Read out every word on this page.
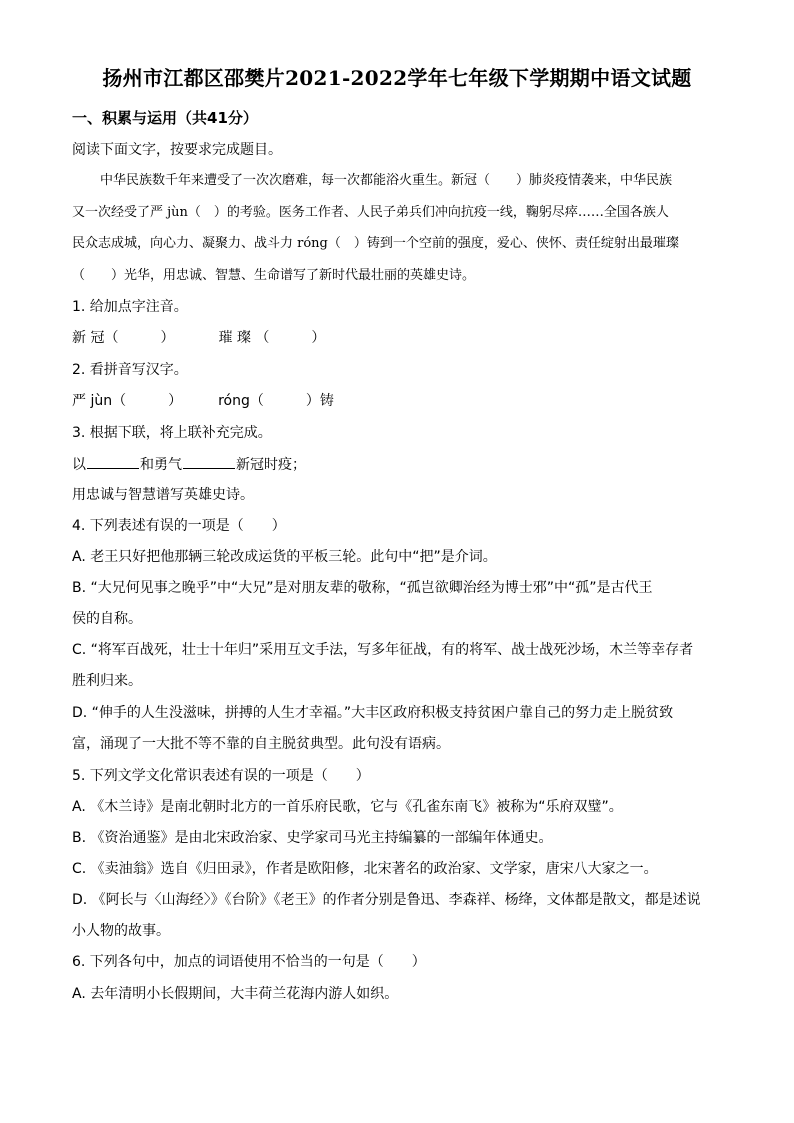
扬州市江都区邵樊片2021-2022学年七年级下学期期中语文试题
一、积累与运用（共41分）
阅读下面文字，按要求完成题目。
中华民族数千年来遭受了一次次磨难，每一次都能浴火重生。新冠（　　）肺炎疫情袭来，中华民族
又一次经受了严 jùn（　）的考验。医务工作者、人民子弟兵们冲向抗疫一线，鞠躬尽瘁……全国各族人
民众志成城，向心力、凝聚力、战斗力 róng（　）铸到一个空前的强度，爱心、侠怀、责任绽射出最璀璨
（　　）光华，用忠诚、智慧、生命谱写了新时代最壮丽的英雄史诗。
1. 给加点字注音。
新 冠（　　　）	璀 璨 （　　　）
2. 看拼音写汉字。
严 jùn（　　　）	róng（　　　）铸
3. 根据下联，将上联补充完成。
以	和勇气	新冠时疫；
用忠诚与智慧谱写英雄史诗。
4. 下列表述有误的一项是（　　）
A. 老王只好把他那辆三轮改成运货的平板三轮。此句中“把”是介词。
B. “大兄何见事之晚乎”中“大兄”是对朋友辈的敬称，“孤岂欲卿治经为博士邪”中“孤”是古代王
侯的自称。
C. “将军百战死，壮士十年归”采用互文手法，写多年征战，有的将军、战士战死沙场，木兰等幸存者
胜利归来。
D. “伸手的人生没滋味，拼搏的人生才幸福。”大丰区政府积极支持贫困户靠自己的努力走上脱贫致
富，涌现了一大批不等不靠的自主脱贫典型。此句没有语病。
5. 下列文学文化常识表述有误的一项是（　　）
A. 《木兰诗》是南北朝时北方的一首乐府民歌，它与《孔雀东南飞》被称为“乐府双璧”。
B. 《资治通鉴》是由北宋政治家、史学家司马光主持编纂的一部编年体通史。
C. 《卖油翁》选自《归田录》，作者是欧阳修，北宋著名的政治家、文学家，唐宋八大家之一。
D. 《阿长与〈山海经〉》《台阶》《老王》的作者分别是鲁迅、李森祥、杨绛，文体都是散文，都是述说
小人物的故事。
6. 下列各句中，加点的词语使用不恰当的一句是（　　）
A. 去年清明小长假期间，大丰荷兰花海内游人如织。
